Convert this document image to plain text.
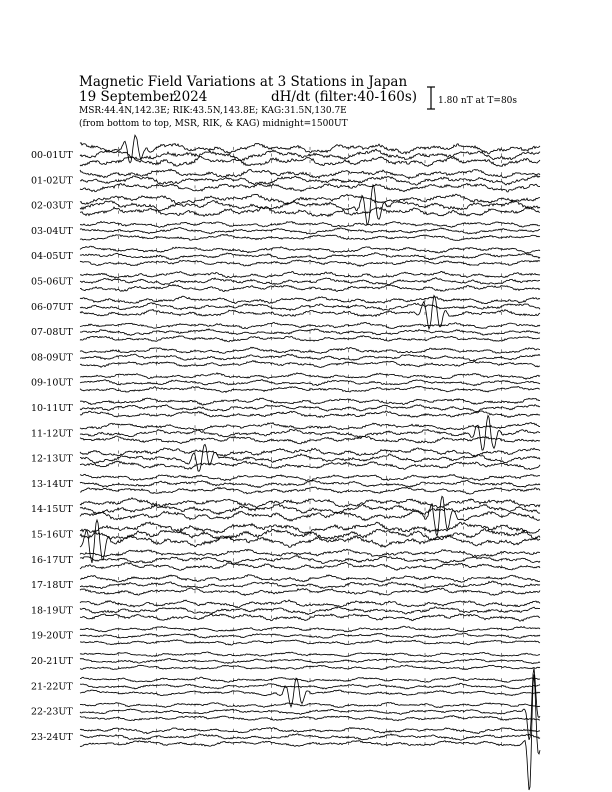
Magnetic Field Variations at 3 Stations in Japan
19 September
2024	dH/dt (filter:40-160s)
MSR:44.4N,142.3E; RIK:43.5N,143.8E; KAG:31.5N,130.7E
(from bottom to top, MSR, RIK, & KAG) midnight=1500UT
1.80 nT at T=80s
00-01UT
01-02UT
02-03UT
03-04UT
04-05UT
05-06UT
06-07UT
07-08UT
08-09UT
09-10UT
10-11UT
11-12UT
12-13UT
13-14UT
14-15UT
15-16UT
16-17UT
17-18UT
18-19UT
19-20UT
20-21UT
21-22UT
22-23UT
23-24UT
